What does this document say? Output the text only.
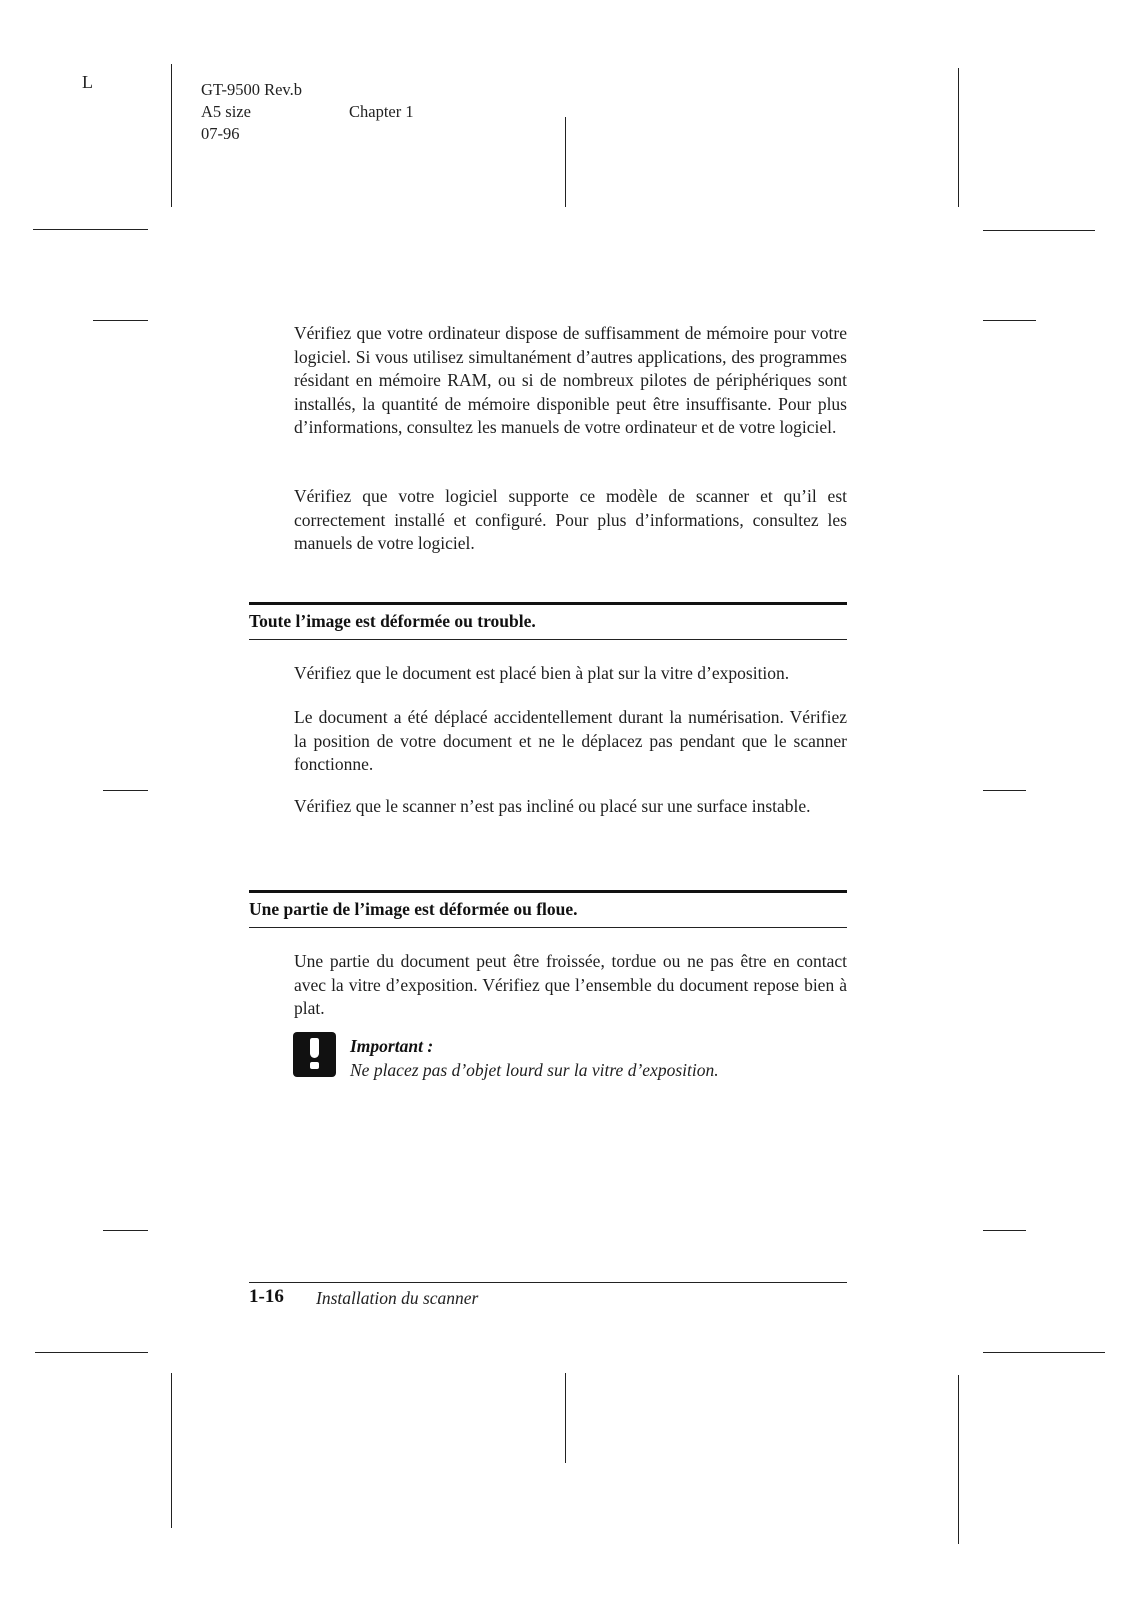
L	GT-9500 Rev.b
A5 size
07-96
Chapter 1

Vérifiez que votre ordinateur dispose de suffisamment de mémoire pour votre logiciel. Si vous utilisez simultanément d’autres applications, des programmes résidant en mémoire RAM, ou si de nombreux pilotes de périphériques sont installés, la quantité de mémoire disponible peut être insuffisante. Pour plus d’informations, consultez les manuels de votre ordinateur et de votre logiciel.

Vérifiez que votre logiciel supporte ce modèle de scanner et qu’il est correctement installé et configuré. Pour plus d’informations, consultez les manuels de votre logiciel.

Toute l’image est déformée ou trouble.

Vérifiez que le document est placé bien à plat sur la vitre d’exposition.

Le document a été déplacé accidentellement durant la numérisation. Vérifiez la position de votre document et ne le déplacez pas pendant que le scanner fonctionne.

Vérifiez que le scanner n’est pas incliné ou placé sur une surface instable.

Une partie de l’image est déformée ou floue.

Une partie du document peut être froissée, tordue ou ne pas être en contact avec la vitre d’exposition. Vérifiez que l’ensemble du document repose bien à plat.

Important :
Ne placez pas d’objet lourd sur la vitre d’exposition.
1-16 Installation du scanner
